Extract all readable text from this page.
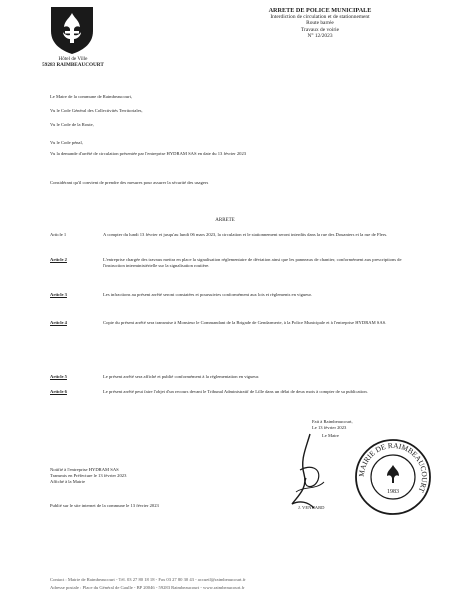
Hôtel de Ville
59283 RAIMBEAUCOURT
ARRETE DE POLICE MUNICIPALE
Interdiction de circulation et de stationnement
Route barrée
Travaux de voirie
N° 12/2023
Le Maire de la commune de Raimbeaucourt,
Vu le Code Général des Collectivités Territoriales,
Vu le Code de la Route,
Vu le Code pénal,
Vu la demande d'arrêté de circulation présentée par l'entreprise HYDRAM SAS en date du 13 février 2023
Considérant qu'il convient de prendre des mesures pour assurer la sécurité des usagers
ARRETE
Article 1	A compter du lundi 13 février et jusqu'au lundi 06 mars 2023, la circulation et le stationnement seront interdits dans la rue des Douaniers et la rue de Flers.
Article 2	L'entreprise chargée des travaux mettra en place la signalisation réglementaire de déviation ainsi que les panneaux de chantier, conformément aux prescriptions de l'instruction interministérielle sur la signalisation routière.
Article 3	Les infractions au présent arrêté seront constatées et poursuivies conformément aux lois et règlements en vigueur.
Article 4	Copie du présent arrêté sera transmise à Monsieur le Commandant de la Brigade de Gendarmerie, à la Police Municipale et à l'entreprise HYDRAM SAS.
Article 5	Le présent arrêté sera affiché et publié conformément à la réglementation en vigueur.
Article 6	Le présent arrêté peut faire l'objet d'un recours devant le Tribunal Administratif de Lille dans un délai de deux mois à compter de sa publication.
Fait à Raimbeaucourt,
Le 13 février 2023
Le Maire
J. VENHARD
MAIRIE DE RAIMBEAUCOURT
1983
Notifié à l'entreprise HYDRAM SAS
Transmis en Préfecture le 13 février 2023
Affiché à la Mairie
Publié sur le site internet de la commune le 13 février 2023
Contact : Mairie de Raimbeaucourt - Tél. 03 27 80 18 18 - Fax 03 27 80 30 43 - accueil@raimbeaucourt.fr
Adresse postale : Place du Général de Gaulle - BP 20046 - 59283 Raimbeaucourt - www.raimbeaucourt.fr
